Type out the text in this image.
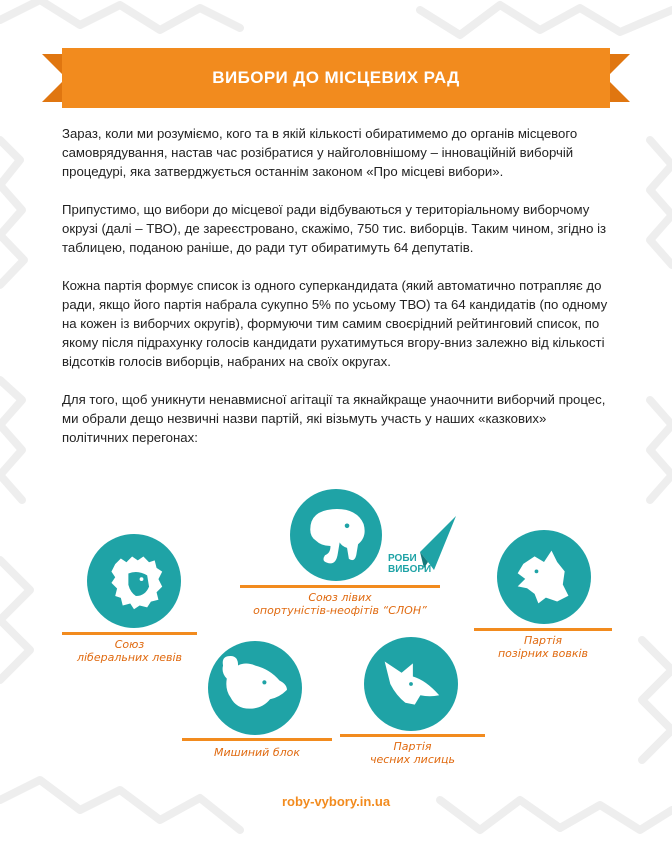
ВИБОРИ ДО МІСЦЕВИХ РАД

Зараз, коли ми розуміємо, кого та в якій кількості обиратимемо до органів місцевого самоврядування, настав час розібратися у найголовнішому – інноваційній виборчій процедурі, яка затверджується останнім законом «Про місцеві вибори».

Припустимо, що вибори до місцевої ради відбуваються у територіальному виборчому окрузі (далі – ТВО), де зареєстровано, скажімо, 750 тис. виборців. Таким чином, згідно із таблицею, поданою раніше, до ради тут обиратимуть 64 депутатів.

Кожна партія формує список із одного суперкандидата (який автоматично потрапляє до ради, якщо його партія набрала сукупно 5% по усьому ТВО) та 64 кандидатів (по одному на кожен із виборчих округів), формуючи тим самим своєрідний рейтинговий список, по якому після підрахунку голосів кандидати рухатимуться вгору-вниз залежно від кількості відсотків голосів виборців, набраних на своїх округах.

Для того, щоб уникнути ненавмисної агітації та якнайкраще унаочнити виборчий процес, ми обрали дещо незвичні назви партій, які візьмуть участь у наших «казкових» політичних перегонах:

Союз
ліберальних левів
Союз лівих
опортуністів-неофітів “СЛОН”
РОБИ
ВИБОРИ
Партія
позірних вовків
Мишиний блок	Партія
чесних лисиць
roby-vybory.in.ua
